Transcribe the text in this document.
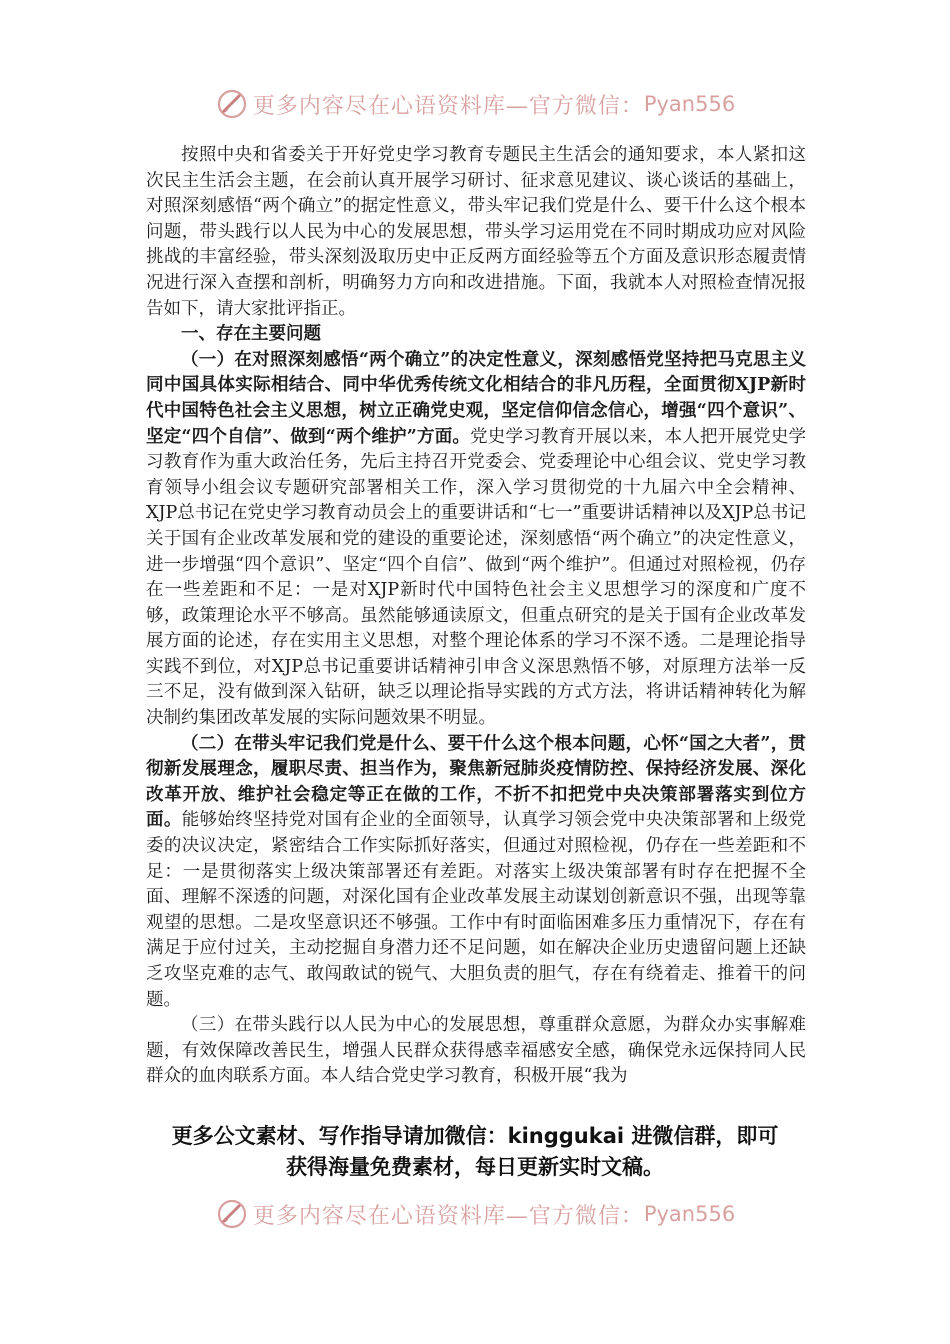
更多内容尽在心语资料库—官方微信： Pyan556

按照中央和省委关于开好党史学习教育专题民主生活会的通知要求，本人紧扣这次民主生活会主题，在会前认真开展学习研讨、征求意见建议、谈心谈话的基础上，对照深刻感悟“两个确立”的据定性意义，带头牢记我们党是什么、要干什么这个根本问题，带头践行以人民为中心的发展思想，带头学习运用党在不同时期成功应对风险挑战的丰富经验，带头深刻汲取历史中正反两方面经验等五个方面及意识形态履责情况进行深入查摆和剖析，明确努力方向和改进措施。下面，我就本人对照检查情况报告如下，请大家批评指正。

一、存在主要问题

（一）在对照深刻感悟“两个确立”的决定性意义，深刻感悟党坚持把马克思主义同中国具体实际相结合、同中华优秀传统文化相结合的非凡历程，全面贯彻XJP新时代中国特色社会主义思想，树立正确党史观，坚定信仰信念信心，增强“四个意识”、坚定“四个自信”、做到“两个维护”方面。党史学习教育开展以来，本人把开展党史学习教育作为重大政治任务，先后主持召开党委会、党委理论中心组会议、党史学习教育领导小组会议专题研究部署相关工作，深入学习贯彻党的十九届六中全会精神、XJP总书记在党史学习教育动员会上的重要讲话和“七一”重要讲话精神以及XJP总书记关于国有企业改革发展和党的建设的重要论述，深刻感悟“两个确立”的决定性意义，进一步增强“四个意识”、坚定“四个自信”、做到“两个维护”。但通过对照检视，仍存在一些差距和不足：一是对XJP新时代中国特色社会主义思想学习的深度和广度不够，政策理论水平不够高。虽然能够通读原文，但重点研究的是关于国有企业改革发展方面的论述，存在实用主义思想，对整个理论体系的学习不深不透。二是理论指导实践不到位，对XJP总书记重要讲话精神引申含义深思熟悟不够，对原理方法举一反三不足，没有做到深入钻研，缺乏以理论指导实践的方式方法，将讲话精神转化为解决制约集团改革发展的实际问题效果不明显。

（二）在带头牢记我们党是什么、要干什么这个根本问题，心怀“国之大者”，贯彻新发展理念，履职尽责、担当作为，聚焦新冠肺炎疫情防控、保持经济发展、深化改革开放、维护社会稳定等正在做的工作，不折不扣把党中央决策部署落实到位方面。能够始终坚持党对国有企业的全面领导，认真学习领会党中央决策部署和上级党委的决议决定，紧密结合工作实际抓好落实，但通过对照检视，仍存在一些差距和不足：一是贯彻落实上级决策部署还有差距。对落实上级决策部署有时存在把握不全面、理解不深透的问题，对深化国有企业改革发展主动谋划创新意识不强，出现等靠观望的思想。二是攻坚意识还不够强。工作中有时面临困难多压力重情况下，存在有满足于应付过关，主动挖掘自身潜力还不足问题，如在解决企业历史遗留问题上还缺乏攻坚克难的志气、敢闯敢试的锐气、大胆负责的胆气，存在有绕着走、推着干的问题。

（三）在带头践行以人民为中心的发展思想，尊重群众意愿，为群众办实事解难题，有效保障改善民生，增强人民群众获得感幸福感安全感，确保党永远保持同人民群众的血肉联系方面。本人结合党史学习教育，积极开展“我为

更多公文素材、写作指导请加微信：kinggukai 进微信群，即可
获得海量免费素材，每日更新实时文稿。
更多内容尽在心语资料库—官方微信： Pyan556
